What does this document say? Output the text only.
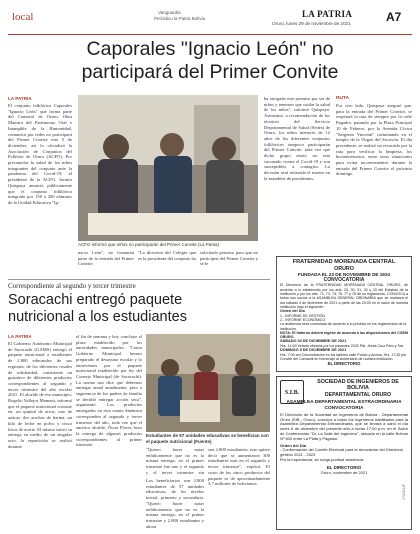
local	Vanguardia
Periódico la Patria Bolivia	LA PATRIA
Oruro, lunes 29 de noviembre de 2021	A7
Caporales "Ignacio León" no
participará del Primer Convite
LA PATRIA
El conjunto folklórico Caporales "Ignacio León" que forma parte del Carnaval de Oruro, Obra Maestra del Patrimonio Oral e Intangible de la Humanidad, comunicó por redes no participará del Primer Convite este 5 de diciembre, así lo oficializó la Asociación de Conjuntos del Folklore de Oruro (ACFO). Por precautelar la salud de los niños integrantes del conjunto ante la pandemia del Covid-19, el presidente de la ACFO, Jacinto Quispaya anunció públicamente que el conjunto folklórico integrado por 150 a 200 alumnos de la Unidad Educativa "Ig-
ACFO informó que niños no participarán del Primer Convite (La Patria)
ha otorgado este permiso por ser de niños y tenemos que cuidar la salud de los niños", informó Quispaya. Asimismo, a recomendación de los técnicos del Servicio Departamental de Salud (Sedes) de Oruro, los niños menores de 12 años de los diferentes conjuntos folklóricos tampoco participarán del Primer Convite, toda vez que dicho grupo etario no está vacunado contra el Covid-19 y son susceptibles a contagios. La decisión será reiterada el martes en la asamblea de presidentes.
RUTA
Por otro lado, Quispaya aseguró que, para la entrada del Primer Convite, se respetará la ruta de siempre por la calle Pagador, pasando por la Plaza Principal 10 de Febrero, por la Avenida Cívica "Sargento Vincenti" culminando en el templo de la Virgen del Socavón. El día precedente, se realizó un recorrido por la ruta para verificar la limpieza, los bocaterremotos, entre otras situaciones para evitar inconvenientes durante la entrada del Primer Convite el próximo domingo.
nacio León", no formarán parte de la entrada del Primer Convite.
"La directora del Colegio que es la presidenta del conjunto ha
solicitado permiso para que no participen del Primer Convite y se le
Correspondiente al segundo y tercer trimestre
Soracachi entregó paquete
nutricional a los estudiantes
LA PATRIA
El Gobierno Autónomo Municipal de Soracachi (GAMS) entregó el paquete nutricional a estudiantes de 2.800 educandos de sus regiones, de los diferentes rosales de solidaridad, consistente un gustativo de diferentes productos correspondientes al segundo y tercer trimestre del año escolar 2021. El alcalde de ese municipio, Rogelio Vallejos Mamani, informó que el paquete nutricional consiste en: un quintal de arroz, uno de azúcar, dos arrobas de harina, un kilo de leche en polvo y cinco litros de aceite. El mismo inició su entrega en medio de un singular acto, la repartición se realizó durante
el fin de semana y hoy concluye el plazo establecido por los autoridades municipales. "Como Gobierno Municipal hemos preparado el desayuno escolar y lo entrevemos por el paquete nutricional establecido por ley del Consejo Municipal (de Soracachi). La norma nos dice que debemos entregar anual anualmente, pero a sugerencia de los padres de familia se decidió entregar acción seca", argumentó. Los productos entregados en esta cuarta dinámica corresponden al segundo y tercer trimestre del año, toda vez que el anterior alcalde, Óscar Flores, hizo la entrega de algunos productos correspondientes al primer trimestre.
Estudiantes de 57 unidades educativas se benefician con el paquete nutricional (Fuente)
"Quiero hacer notar enfáticamente que no es la misma entrega, en el primer trimestre fue uno y el segundo y el tercer trimestre sin
Los beneficiarios son 2.800 estudiantes de 57 unidades educativas, de los niveles inicial, primario y secundaria. "Quiero hacer notar enfáticamente que no es la misma entrega, en el primer trimestre y 2.800 estudiantes y ahora
son 2.800 estudiantes, esto quiere decir que se aumentaron 300 estudiantes más en el segundo y tercer trimestre", explicó. El costo de los cinco productos del paquete es de aproximadamente 3,7 millones de bolivianos.
FRATERNIDAD MORENADA CENTRAL
ORURO
FUNDADA EL 23 DE NOVIEMBRE DE 1924
CONVOCATORIA
El Directorio de la FRATERNIDAD MORENADA CENTRAL ORURO, de acuerdo a lo establecido por los arts. 25, 30, 31, 32 y 33 del Estatuto de la institución y por los arts. 71, 73, 75, 76, 77 y 78 de su reglamento, CONVOCA a todos sus socios a la ASAMBLEA GENERAL ORDINARIA que se realizará el día sábado 4 de diciembre de 2021 a partir de las 20:00 en el salón de nuestra institución bajo el siguiente:
Orden del Día
1.- INFORME DE GESTIÓN
2.- INFORME ECONÓMICO
La asistencia será controlada de acuerdo a lo previsto en los reglamentos de la institución.
NOTA: El fraterno deberá regirse de acuerdo a las disposiciones del COEM ORURO.
SÁBADO 04 DE DICIEMBRE DE 2021
Hrs. 14:00 Velada ofrecida por los pasantes 2020 Pdt. Jesús Cruz Paro y Sra.
DOMINGO 5 DE DICIEMBRE DE 2021
Hrs. 7:00 am Concentración en los talleres calle Potosí y Aroma. Hrs. 17:30 pm Convite del Carnaval en homenaje al aniversario de nuestra institución
EL DIRECTORIO
S.I.B.
SOCIEDAD DE INGENIEROS DE
BOLIVIA
DEPARTAMENTAL ORURO
ASAMBLEA DEPARTAMENTAL EXTRAORDINARIA
CONVOCATORIA
El Directorio de la Sociedad de Ingenieros de Bolivia - Departamental Oruro (SIB - Oruro), convoca a todos los Ingenieros habilitados para la Asamblea Departamental Extraordinaria, que se llevará a cabo el día lunes 6 de diciembre del presente año a horas 17:00 p.m. en el Salón de Conferencias "Dr. La Salle del Ingeniero", ubicado en la calle Bolívar Nº 600 entre La Plata y Pagador.
Orden del Día
- Conformación del Comité Electoral para la renovación del Directorio gestión 2021 - 2023
Por la importancia, se ruega puntual asistencia.
EL DIRECTORIO
Oruro, noviembre de 2021
17215-NF
